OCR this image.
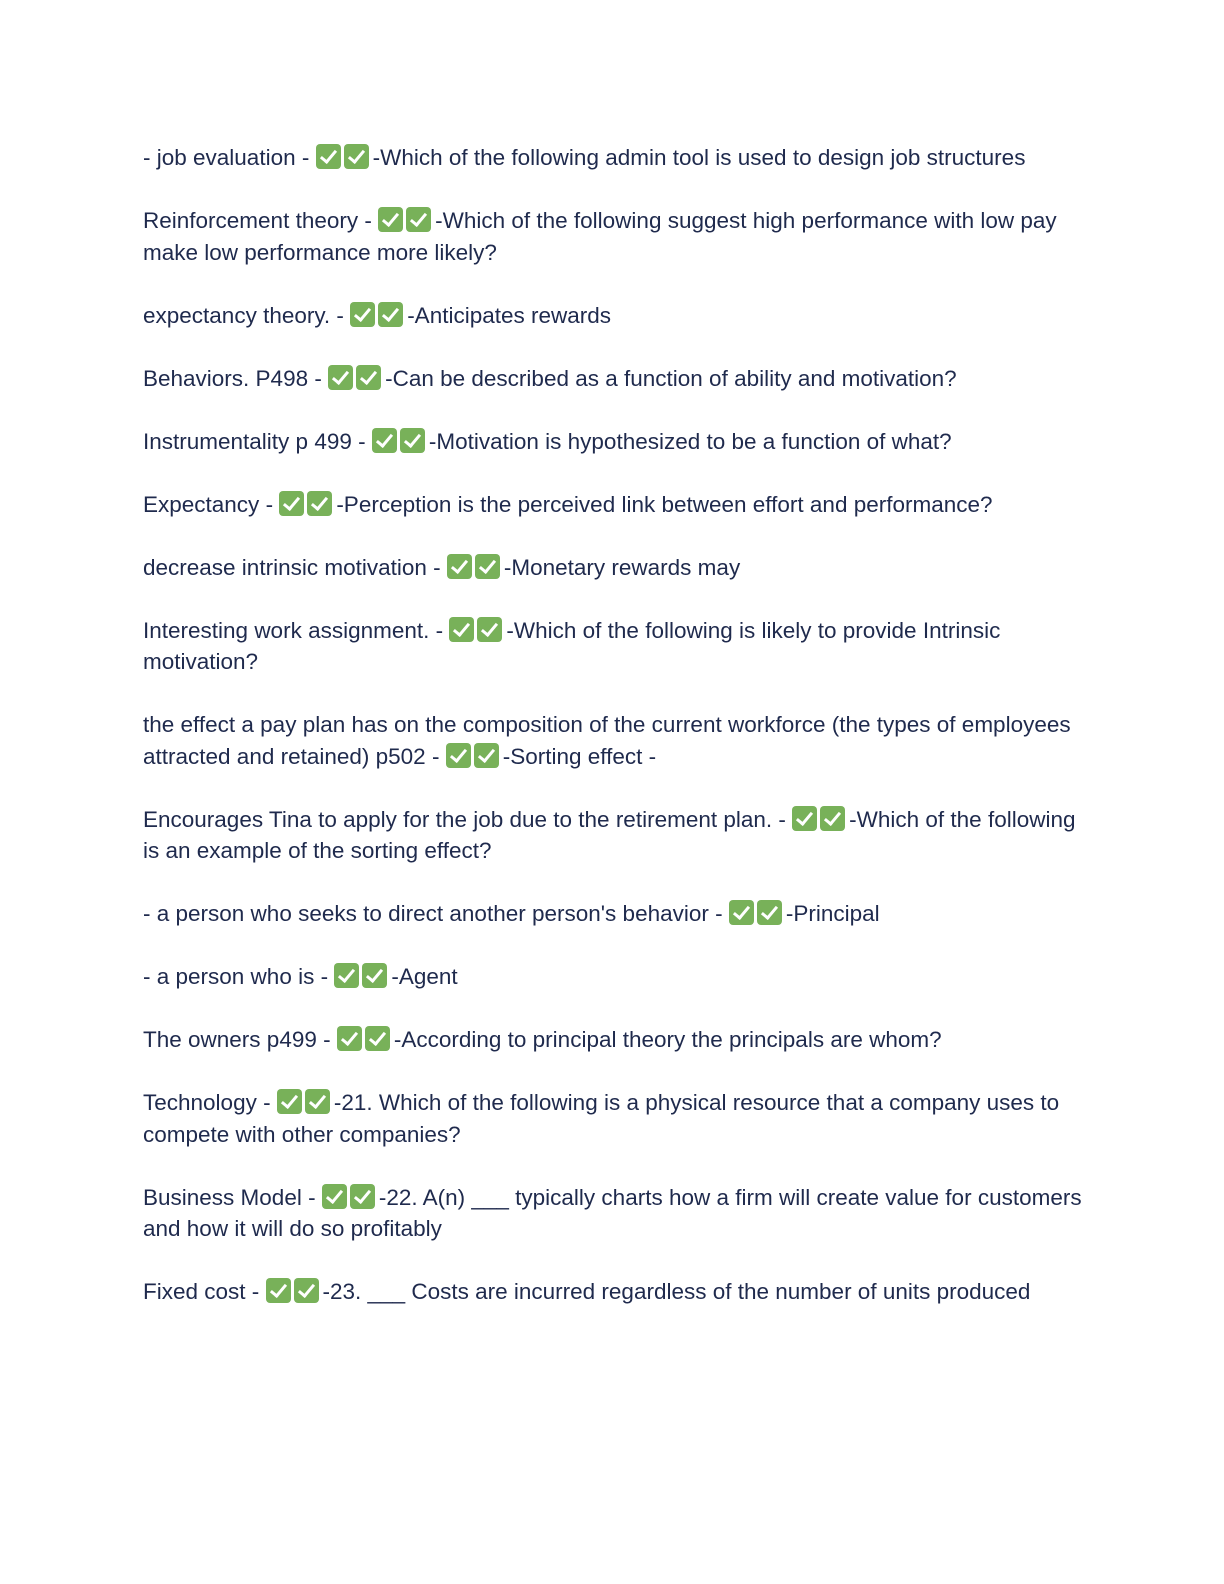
- job evaluation -	-Which of the following admin tool is used to design job structures

Reinforcement theory -	-Which of the following suggest high performance with low pay make low performance more likely?

expectancy theory. -	-Anticipates rewards

Behaviors. P498 -	-Can be described as a function of ability and motivation?

Instrumentality p 499 -	-Motivation is hypothesized to be a function of what?

Expectancy -	-Perception is the perceived link between effort and performance?

decrease intrinsic motivation -	-Monetary rewards may

Interesting work assignment. -	-Which of the following is likely to provide Intrinsic motivation?

the effect a pay plan has on the composition of the current workforce (the types of employees attracted and retained) p502 -	-Sorting effect -

Encourages Tina to apply for the job due to the retirement plan. -	-Which of the following is an example of the sorting effect?

- a person who seeks to direct another person's behavior -	-Principal

- a person who is -	-Agent

The owners p499 -	-According to principal theory the principals are whom?

Technology -	-21. Which of the following is a physical resource that a company uses to compete with other companies?

Business Model -	-22. A(n) ___ typically charts how a firm will create value for customers and how it will do so profitably

Fixed cost -	-23. ___ Costs are incurred regardless of the number of units produced
